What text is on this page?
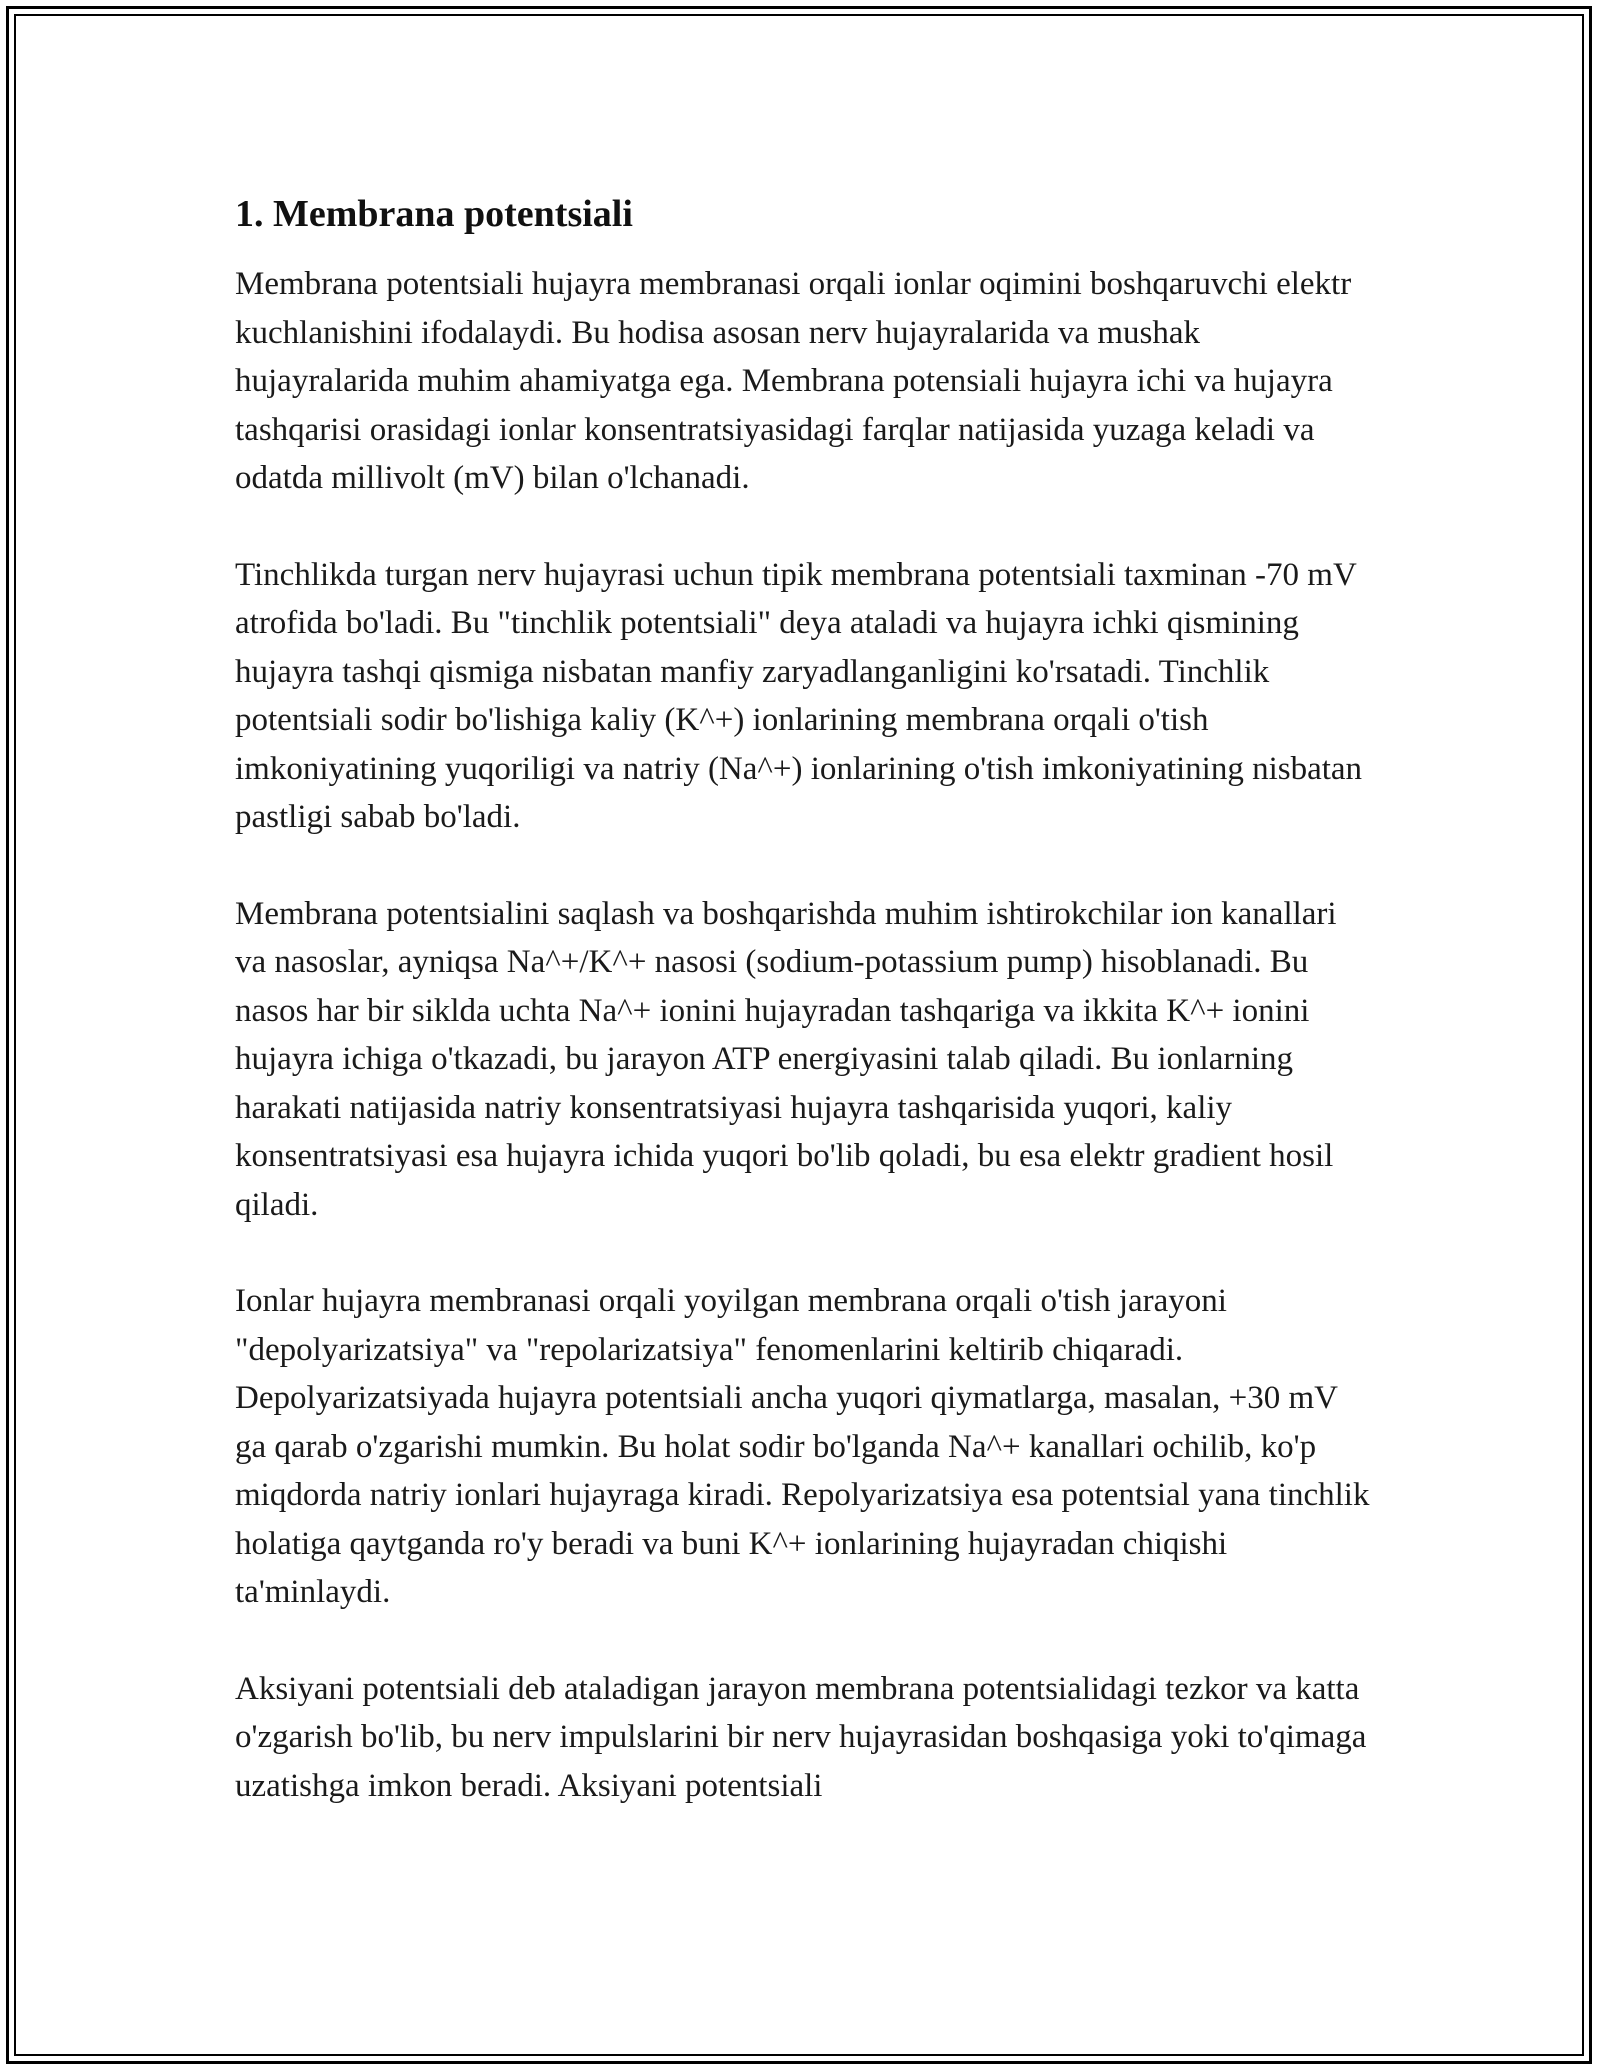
1. Membrana potentsiali

Membrana potentsiali hujayra membranasi orqali ionlar oqimini boshqaruvchi elektr kuchlanishini ifodalaydi. Bu hodisa asosan nerv hujayralarida va mushak hujayralarida muhim ahamiyatga ega. Membrana potensiali hujayra ichi va hujayra tashqarisi orasidagi ionlar konsentratsiyasidagi farqlar natijasida yuzaga keladi va odatda millivolt (mV) bilan o'lchanadi.

Tinchlikda turgan nerv hujayrasi uchun tipik membrana potentsiali taxminan -70 mV atrofida bo'ladi. Bu "tinchlik potentsiali" deya ataladi va hujayra ichki qismining hujayra tashqi qismiga nisbatan manfiy zaryadlanganligini ko'rsatadi. Tinchlik potentsiali sodir bo'lishiga kaliy (K^+) ionlarining membrana orqali o'tish imkoniyatining yuqoriligi va natriy (Na^+) ionlarining o'tish imkoniyatining nisbatan pastligi sabab bo'ladi.

Membrana potentsialini saqlash va boshqarishda muhim ishtirokchilar ion kanallari va nasoslar, ayniqsa Na^+/K^+ nasosi (sodium-potassium pump) hisoblanadi. Bu nasos har bir siklda uchta Na^+ ionini hujayradan tashqariga va ikkita K^+ ionini hujayra ichiga o'tkazadi, bu jarayon ATP energiyasini talab qiladi. Bu ionlarning harakati natijasida natriy konsentratsiyasi hujayra tashqarisida yuqori, kaliy konsentratsiyasi esa hujayra ichida yuqori bo'lib qoladi, bu esa elektr gradient hosil qiladi.

Ionlar hujayra membranasi orqali yoyilgan membrana orqali o'tish jarayoni "depolyarizatsiya" va "repolarizatsiya" fenomenlarini keltirib chiqaradi. Depolyarizatsiyada hujayra potentsiali ancha yuqori qiymatlarga, masalan, +30 mV ga qarab o'zgarishi mumkin. Bu holat sodir bo'lganda Na^+ kanallari ochilib, ko'p miqdorda natriy ionlari hujayraga kiradi. Repolyarizatsiya esa potentsial yana tinchlik holatiga qaytganda ro'y beradi va buni K^+ ionlarining hujayradan chiqishi ta'minlaydi.

Aksiyani potentsiali deb ataladigan jarayon membrana potentsialidagi tezkor va katta o'zgarish bo'lib, bu nerv impulslarini bir nerv hujayrasidan boshqasiga yoki to'qimaga uzatishga imkon beradi. Aksiyani potentsiali
